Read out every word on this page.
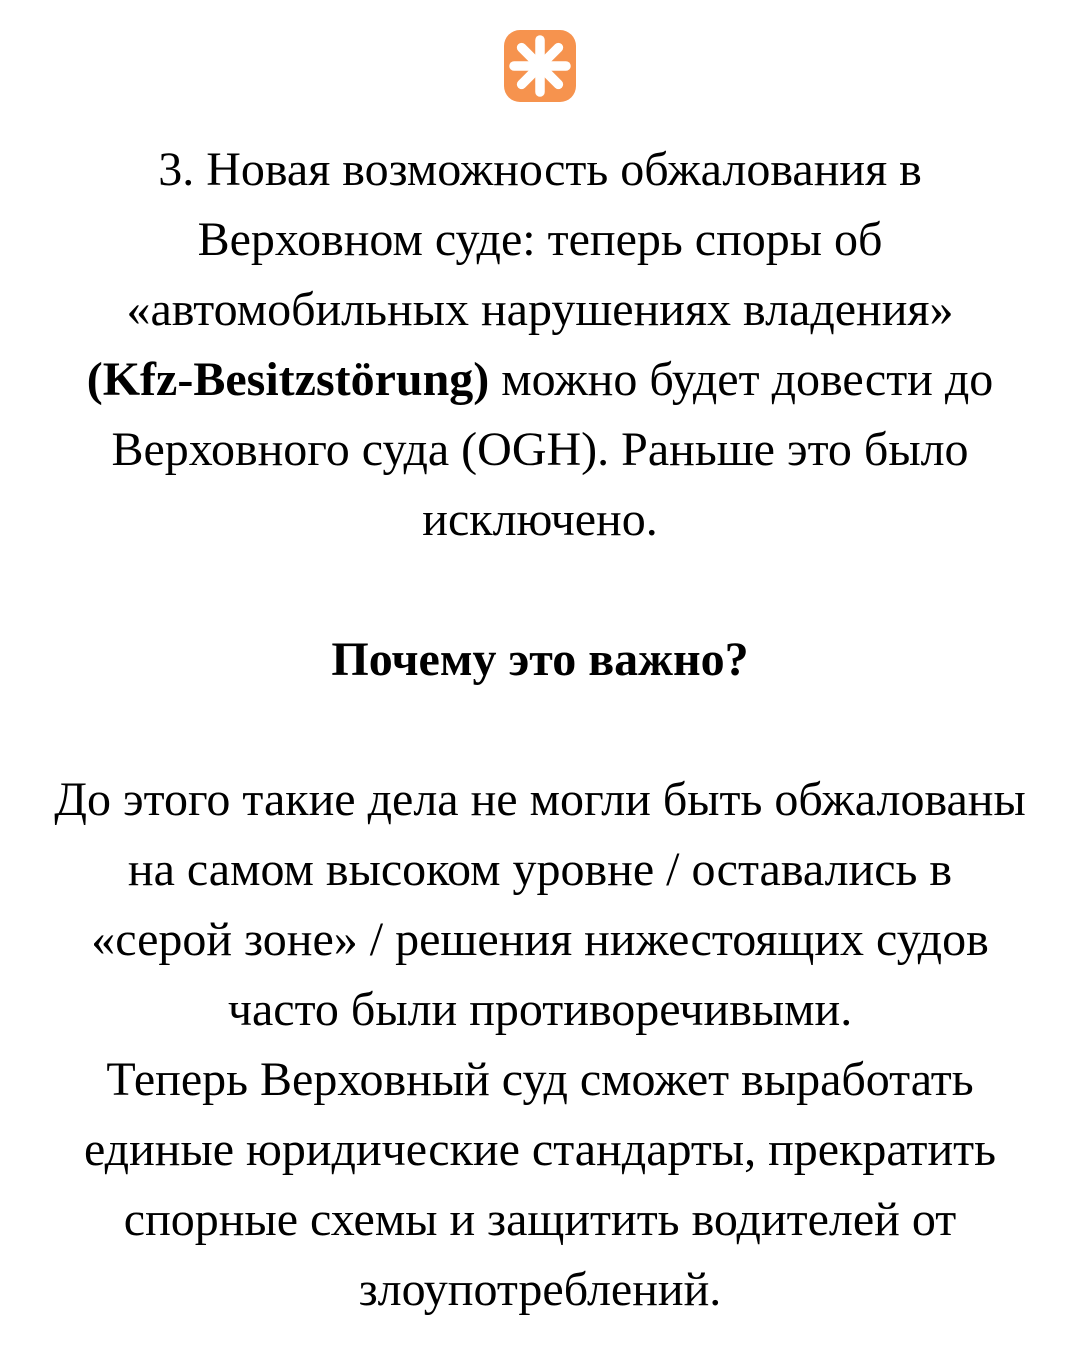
3. Новая возможность обжалования в
Верховном суде: теперь споры об
«автомобильных нарушениях владения»
(Kfz-Besitzstörung) можно будет довести до
Верховного суда (OGH). Раньше это было
исключено.
Почему это важно?
До этого такие дела не могли быть обжалованы
на самом высоком уровне / оставались в
«серой зоне» / решения нижестоящих судов
часто были противоречивыми.
Теперь Верховный суд сможет выработать
единые юридические стандарты, прекратить
спорные схемы и защитить водителей от
злоупотреблений.
